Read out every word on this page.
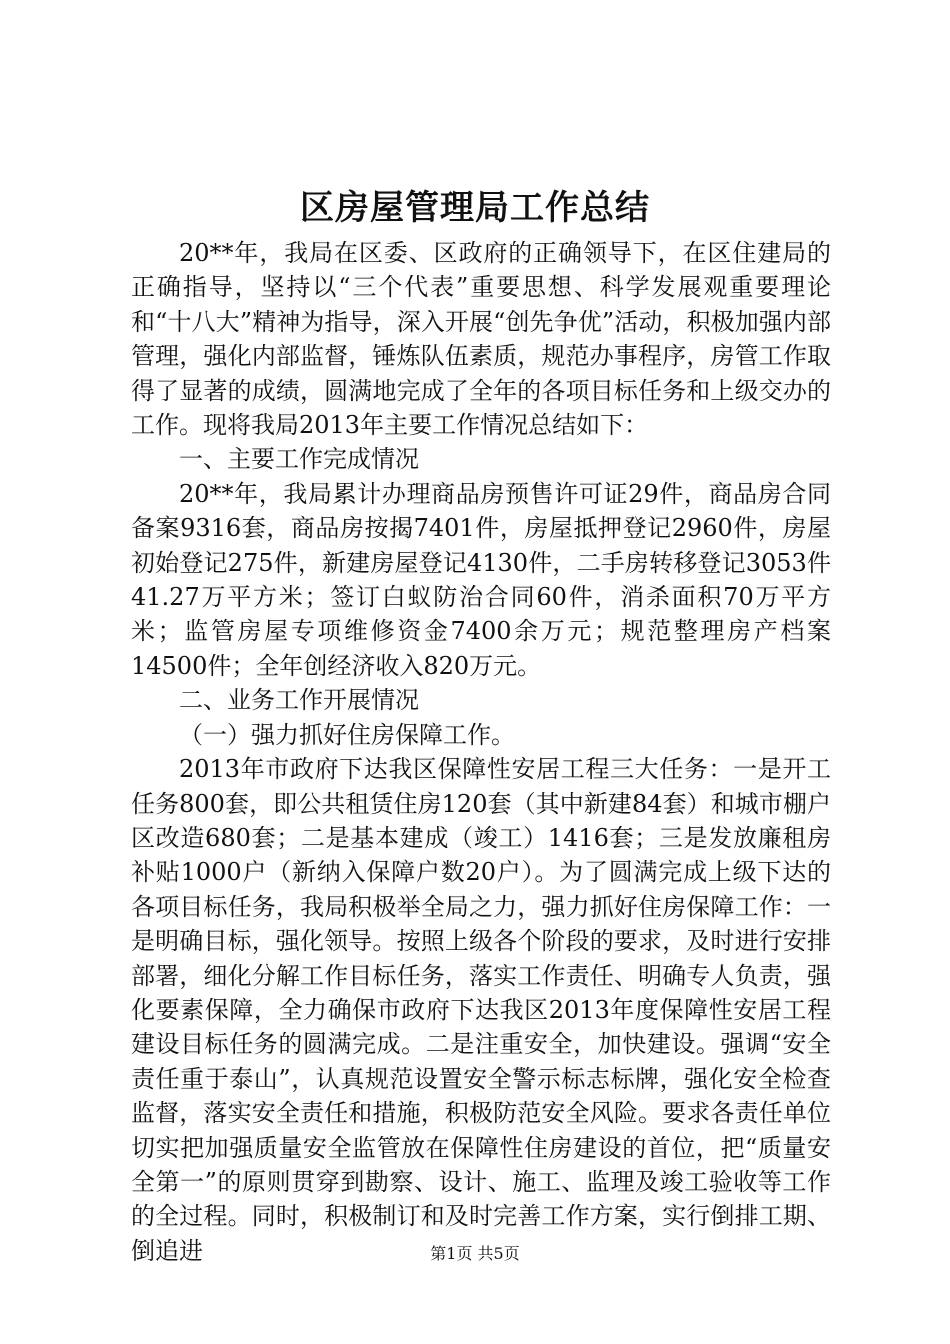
区房屋管理局工作总结

20**年，我局在区委、区政府的正确领导下，在区住建局的正确指导，坚持以“三个代表”重要思想、科学发展观重要理论和“十八大”精神为指导，深入开展“创先争优”活动，积极加强内部管理，强化内部监督，锤炼队伍素质，规范办事程序，房管工作取得了显著的成绩，圆满地完成了全年的各项目标任务和上级交办的工作。现将我局2013年主要工作情况总结如下：

一、主要工作完成情况

20**年，我局累计办理商品房预售许可证29件，商品房合同备案9316套，商品房按揭7401件，房屋抵押登记2960件，房屋初始登记275件，新建房屋登记4130件，二手房转移登记3053件41.27万平方米；签订白蚁防治合同60件，消杀面积70万平方米；监管房屋专项维修资金7400余万元；规范整理房产档案14500件；全年创经济收入820万元。

二、业务工作开展情况

（一）强力抓好住房保障工作。

2013年市政府下达我区保障性安居工程三大任务：一是开工任务800套，即公共租赁住房120套（其中新建84套）和城市棚户区改造680套；二是基本建成（竣工）1416套；三是发放廉租房补贴1000户（新纳入保障户数20户）。为了圆满完成上级下达的各项目标任务，我局积极举全局之力，强力抓好住房保障工作：一是明确目标，强化领导。按照上级各个阶段的要求，及时进行安排部署，细化分解工作目标任务，落实工作责任、明确专人负责，强化要素保障，全力确保市政府下达我区2013年度保障性安居工程建设目标任务的圆满完成。二是注重安全，加快建设。强调“安全责任重于泰山”，认真规范设置安全警示标志标牌，强化安全检查监督，落实安全责任和措施，积极防范安全风险。要求各责任单位切实把加强质量安全监管放在保障性住房建设的首位，把“质量安全第一”的原则贯穿到勘察、设计、施工、监理及竣工验收等工作的全过程。同时，积极制订和及时完善工作方案，实行倒排工期、倒追进	第1页 共5页
